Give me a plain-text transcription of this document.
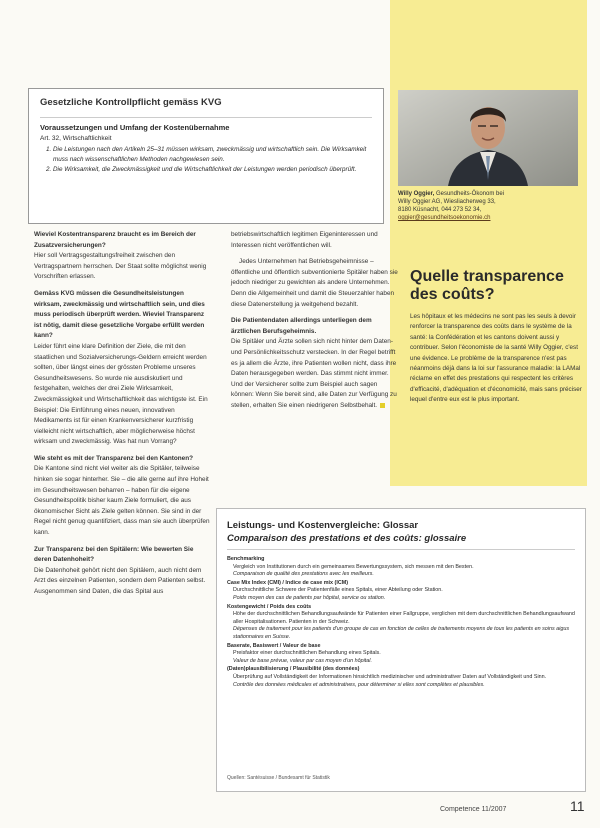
Gesetzliche Kontrollpflicht gemäss KVG
Voraussetzungen und Umfang der Kostenübernahme
Art. 32, Wirtschaftlichkeit
1. Die Leistungen nach den Artikeln 25–31 müssen wirksam, zweckmässig und wirtschaftlich sein. Die Wirksamkeit muss nach wissenschaftlichen Methoden nachgewiesen sein.
2. Die Wirksamkeit, die Zweckmässigkeit und die Wirtschaftlichkeit der Leistungen werden periodisch überprüft.
Willy Oggier, Gesundheits-Ökonom bei
Willy Oggier AG, Wiesliacherweg 33,
8180 Küsnacht, 044 273 52 34,
oggier@gesundheitsoekonomie.ch
Quelle transparence
des coûts?
Les hôpitaux et les médecins ne sont pas les seuls à devoir renforcer la transparence des coûts dans le système de la santé: la Confédération et les cantons doivent aussi y contribuer. Selon l'économiste de la santé Willy Oggier, c'est une évidence. Le problème de la transparence n'est pas néanmoins déjà dans la loi sur l'assurance maladie: la LAMal réclame en effet des prestations qui respectent les critères d'efficacité, d'adéquation et d'économicité, mais sans préciser lequel d'entre eux est le plus important.

Wieviel Kostentransparenz braucht es im Bereich der Zusatzversicherungen?
Hier soll Vertragsgestaltungsfreiheit zwischen den Vertragspartnern herrschen. Der Staat sollte möglichst wenig Vorschriften erlassen.

Gemäss KVG müssen die Gesundheitsleistungen wirksam, zweckmässig und wirtschaftlich sein, und dies muss periodisch überprüft werden. Wieviel Transparenz ist nötig, damit diese gesetzliche Vorgabe erfüllt werden kann?
Leider führt eine klare Definition der Ziele, die mit den staatlichen und Sozialversicherungs-Geldern erreicht werden sollten, über längst eines der grössten Probleme unseres Gesundheitswesens. So wurde nie ausdiskutiert und festgehalten, welches der drei Ziele Wirksamkeit, Zweckmässigkeit und Wirtschaftlichkeit das wichtigste ist. Ein Beispiel: Die Einführung eines neuen, innovativen Medikaments ist für einen Krankenversicherer kurzfristig vielleicht nicht wirtschaftlich, aber möglicherweise höchst wirksam und zweckmässig. Was hat nun Vorrang?

Wie steht es mit der Transparenz bei den Kantonen?
Die Kantone sind nicht viel weiter als die Spitäler, teilweise hinken sie sogar hinterher. Sie – die alle gerne auf ihre Hoheit im Gesundheitswesen beharren – haben für die eigene Gesundheitspolitik bisher kaum Ziele formuliert, die aus ökonomischer Sicht als Ziele gelten können. Sie sind in der Regel nicht genug quantifiziert, dass man sie auch überprüfen kann.

Zur Transparenz bei den Spitälern: Wie bewerten Sie deren Datenhoheit?
Die Datenhoheit gehört nicht den Spitälern, auch nicht dem Arzt des einzelnen Patienten, sondern dem Patienten selbst. Ausgenommen sind Daten, die das Spital aus

betriebswirtschaftlich legitimen Eigeninteressen und Interessen nicht veröffentlichen will.

Jedes Unternehmen hat Betriebsgeheimnisse – öffentliche und öffentlich subventionierte Spitäler haben sie jedoch niedriger zu gewichten als andere Unternehmen. Denn die Allgemeinheit und damit die Steuerzahler haben diese Datenerstellung ja weitgehend bezahlt.

Die Patientendaten allerdings unterliegen dem ärztlichen Berufsgeheimnis.
Die Spitäler und Ärzte sollen sich nicht hinter dem Daten- und Persönlichkeitsschutz verstecken. In der Regel betrifft es ja allem die Ärzte, ihre Patienten wollen nicht, dass ihre Daten herausgegeben werden. Das stimmt nicht immer. Und der Versicherer sollte zum Beispiel auch sagen können: Wenn Sie bereit sind, alle Daten zur Verfügung zu stellen, erhalten Sie einen niedrigeren Selbstbehalt.

Leistungs- und Kostenvergleiche: Glossar
Comparaison des prestations et des coûts: glossaire
Benchmarking
Vergleich von Institutionen durch ein gemeinsames Bewertungssystem, sich messen mit den Besten.
Comparaison de qualité des prestations avec les meilleurs.
Case Mix Index (CMI) / Indice de case mix (ICM)
Durchschnittliche Schwere der Patientenfälle eines Spitals, einer Abteilung oder Station.
Poids moyen des cas de patients par hôpital, service ou station.
Kostengewicht / Poids des coûts
Höhe der durchschnittlichen Behandlungsaufwände für Patienten einer Fallgruppe, verglichen mit dem durchschnittlichen Behandlungsaufwand aller Hospitalisationen. Patienten in der Schweiz.
Dépenses de traitement pour les patients d'un groupe de cas en fonction de celles de traitements moyens de tous les patients en soins aigus stationnaires en Suisse.
Baserate, Basiswert / Valeur de base
Preisfaktor einer durchschnittlichen Behandlung eines Spitals.
Valeur de base prévue, valeur par cas moyen d'un hôpital.
(Daten)plausibilisierung / Plausibilité (des données)
Überprüfung auf Vollständigkeit der Informationen hinsichtlich medizinischer und administrativer Daten auf Vollständigkeit und Sinn.
Contrôle des données médicales et administratives, pour déterminer si elles sont complètes et plausibles.
Quellen: Santésuisse / Bundesamt für Statistik
Competence 11/2007	11
